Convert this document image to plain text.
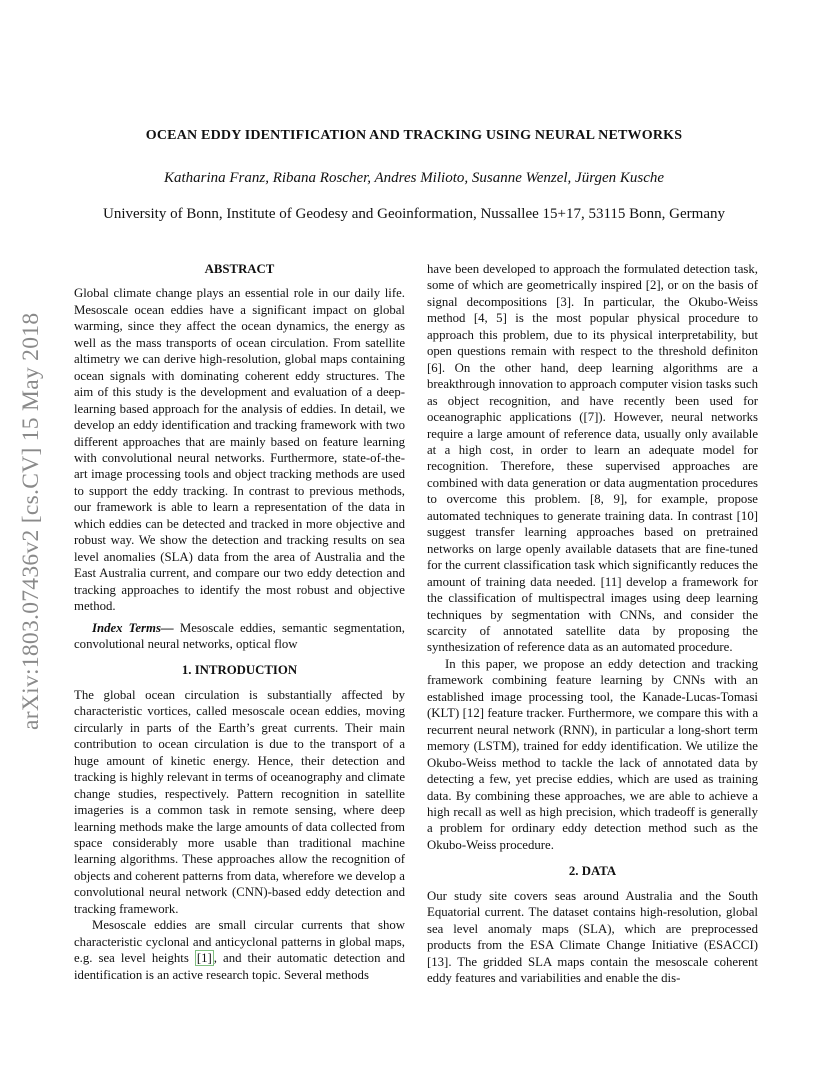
arXiv:1803.07436v2 [cs.CV] 15 May 2018
OCEAN EDDY IDENTIFICATION AND TRACKING USING NEURAL NETWORKS
Katharina Franz, Ribana Roscher, Andres Milioto, Susanne Wenzel, Jürgen Kusche
University of Bonn, Institute of Geodesy and Geoinformation, Nussallee 15+17, 53115 Bonn, Germany
ABSTRACT

Global climate change plays an essential role in our daily life. Mesoscale ocean eddies have a significant impact on global warming, since they affect the ocean dynamics, the energy as well as the mass transports of ocean circulation. From satellite altimetry we can derive high-resolution, global maps containing ocean signals with dominating coherent eddy structures. The aim of this study is the development and evaluation of a deep-learning based approach for the analysis of eddies. In detail, we develop an eddy identification and tracking framework with two different approaches that are mainly based on feature learning with convolutional neural networks. Furthermore, state-of-the-art image processing tools and object tracking methods are used to support the eddy tracking. In contrast to previous methods, our framework is able to learn a representation of the data in which eddies can be detected and tracked in more objective and robust way. We show the detection and tracking results on sea level anomalies (SLA) data from the area of Australia and the East Australia current, and compare our two eddy detection and tracking approaches to identify the most robust and objective method.

Index Terms— Mesoscale eddies, semantic segmentation, convolutional neural networks, optical flow

1. INTRODUCTION

The global ocean circulation is substantially affected by characteristic vortices, called mesoscale ocean eddies, moving circularly in parts of the Earth’s great currents. Their main contribution to ocean circulation is due to the transport of a huge amount of kinetic energy. Hence, their detection and tracking is highly relevant in terms of oceanography and climate change studies, respectively. Pattern recognition in satellite imageries is a common task in remote sensing, where deep learning methods make the large amounts of data collected from space considerably more usable than traditional machine learning algorithms. These approaches allow the recognition of objects and coherent patterns from data, wherefore we develop a convolutional neural network (CNN)-based eddy detection and tracking framework.

Mesoscale eddies are small circular currents that show characteristic cyclonal and anticyclonal patterns in global maps, e.g. sea level heights [1] , and their automatic detection and identification is an active research topic. Several methods

have been developed to approach the formulated detection task, some of which are geometrically inspired [2], or on the basis of signal decompositions [3]. In particular, the Okubo-Weiss method [4, 5] is the most popular physical procedure to approach this problem, due to its physical interpretability, but open questions remain with respect to the threshold definiton [6]. On the other hand, deep learning algorithms are a breakthrough innovation to approach computer vision tasks such as object recognition, and have recently been used for oceanographic applications ([7]). However, neural networks require a large amount of reference data, usually only available at a high cost, in order to learn an adequate model for recognition. Therefore, these supervised approaches are combined with data generation or data augmentation procedures to overcome this problem. [8, 9], for example, propose automated techniques to generate training data. In contrast [10] suggest transfer learning approaches based on pretrained networks on large openly available datasets that are fine-tuned for the current classification task which significantly reduces the amount of training data needed. [11] develop a framework for the classification of multispectral images using deep learning techniques by segmentation with CNNs, and consider the scarcity of annotated satellite data by proposing the synthesization of reference data as an automated procedure.

In this paper, we propose an eddy detection and tracking framework combining feature learning by CNNs with an established image processing tool, the Kanade-Lucas-Tomasi (KLT) [12] feature tracker. Furthermore, we compare this with a recurrent neural network (RNN), in particular a long-short term memory (LSTM), trained for eddy identification. We utilize the Okubo-Weiss method to tackle the lack of annotated data by detecting a few, yet precise eddies, which are used as training data. By combining these approaches, we are able to achieve a high recall as well as high precision, which tradeoff is generally a problem for ordinary eddy detection method such as the Okubo-Weiss procedure.

2. DATA

Our study site covers seas around Australia and the South Equatorial current. The dataset contains high-resolution, global sea level anomaly maps (SLA), which are preprocessed products from the ESA Climate Change Initiative (ESACCI) [13]. The gridded SLA maps contain the mesoscale coherent eddy features and variabilities and enable the dis-
